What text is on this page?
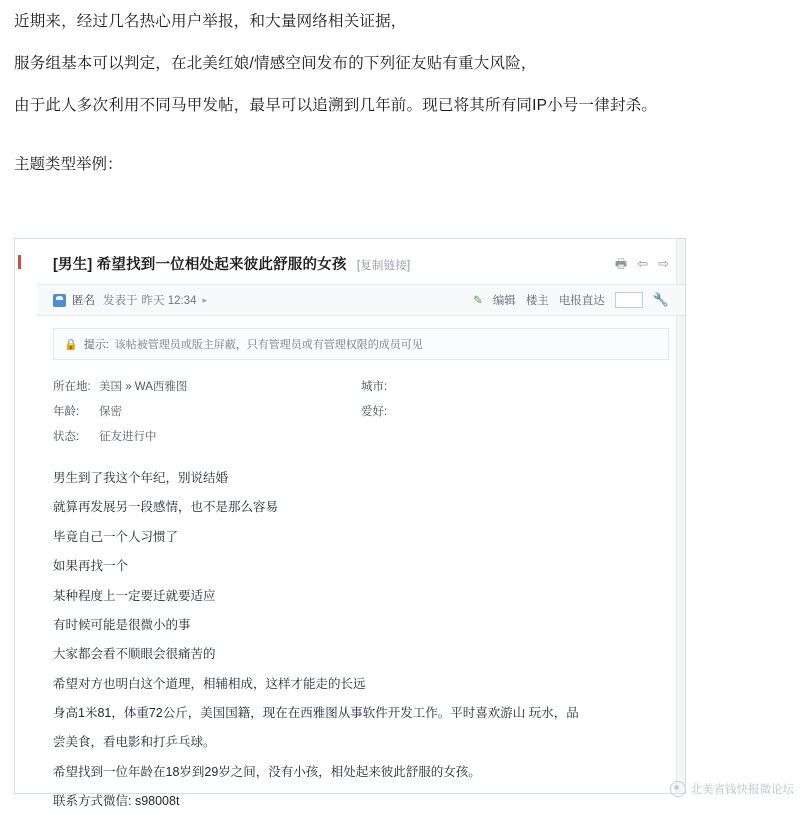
近期来，经过几名热心用户举报，和大量网络相关证据，

服务组基本可以判定，在北美红娘/情感空间发布的下列征友贴有重大风险，

由于此人多次利用不同马甲发帖，最早可以追溯到几年前。现已将其所有同IP小号一律封杀。

主题类型举例：
[男生] 希望找到一位相处起来彼此舒服的女孩 [复制链接]	🖶 ⇦ ⇨
匿名 发表于 昨天 12:34 ▸	✎ 编辑 楼主 电报直达	🔧
🔒 提示: 该帖被管理员或版主屏蔽，只有管理员或有管理权限的成员可见
所在地: 美国 » WA西雅图	城市:
年龄:	保密	爱好:
状态:	征友进行中

男生到了我这个年纪，别说结婚

就算再发展另一段感情，也不是那么容易

毕竟自己一个人习惯了

如果再找一个

某种程度上一定要迁就要适应

有时候可能是很微小的事

大家都会看不顺眼会很痛苦的

希望对方也明白这个道理，相辅相成，这样才能走的长远

身高1米81，体重72公斤，美国国籍，现在在西雅图从事软件开发工作。平时喜欢游山 玩水，品

尝美食，看电影和打乒乓球。

希望找到一位年龄在18岁到29岁之间，没有小孩，相处起来彼此舒服的女孩。

联系方式微信: s98008t

北美省钱快报微论坛
